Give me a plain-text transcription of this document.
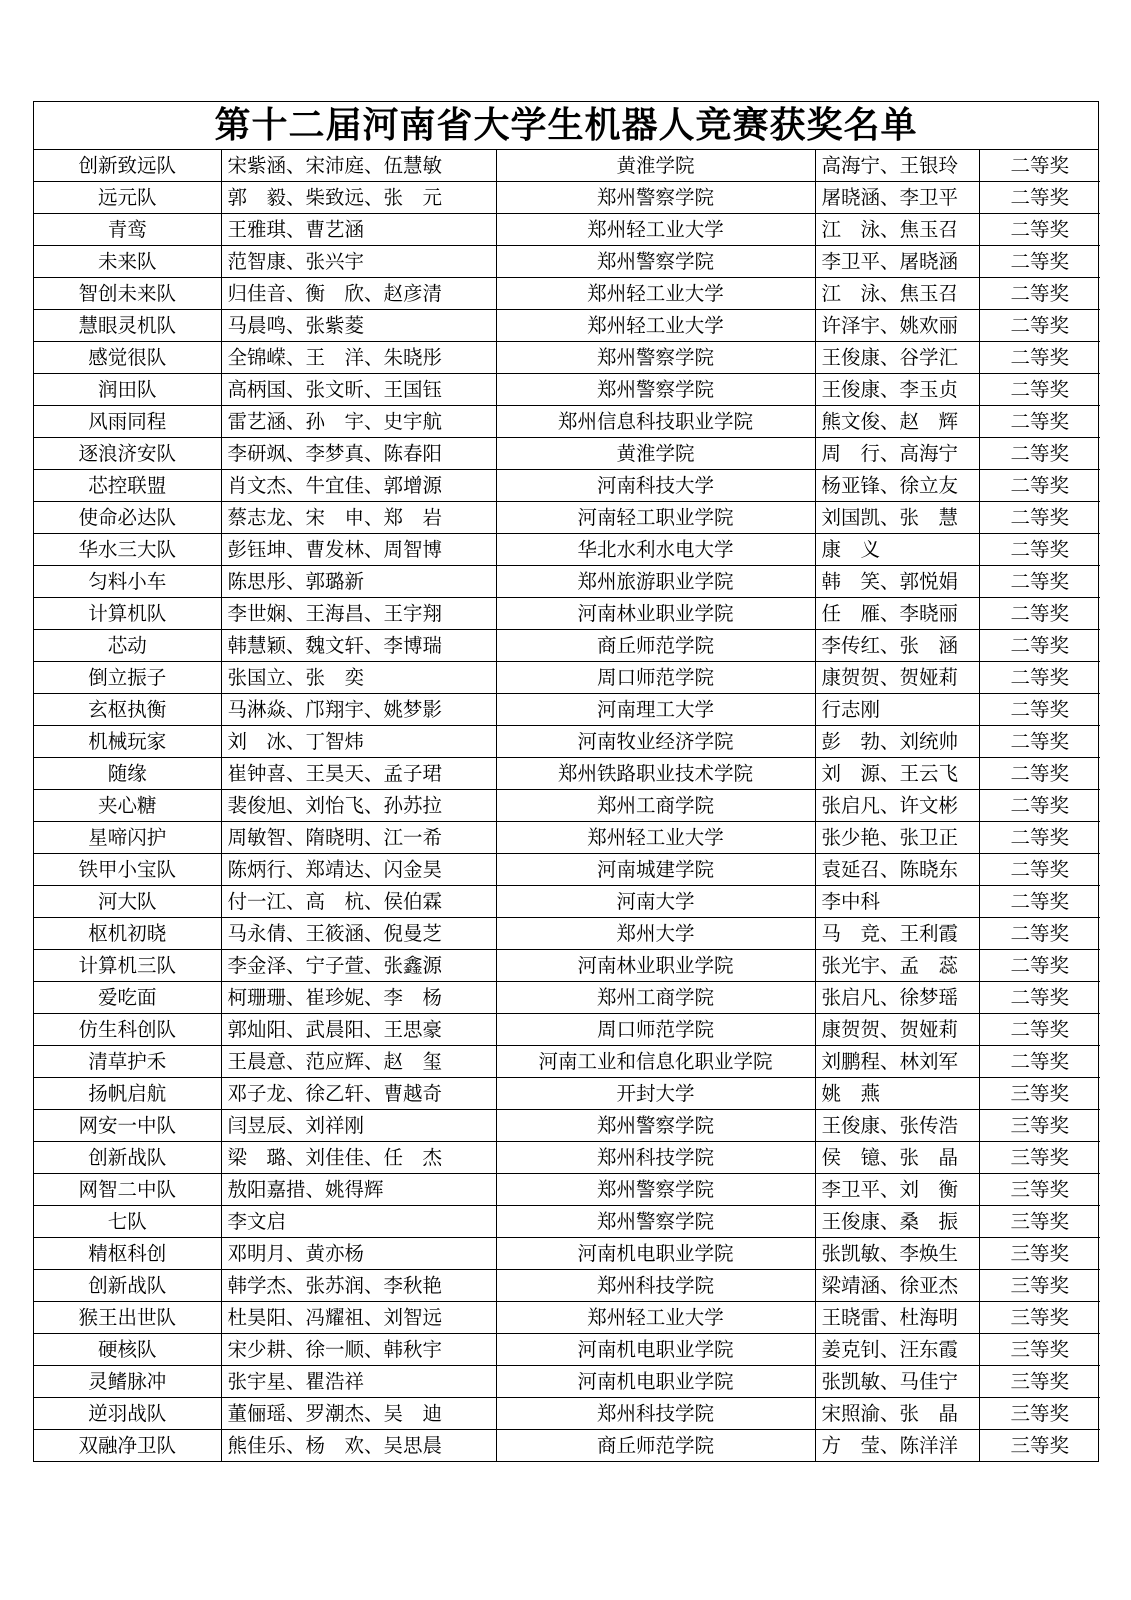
第十二届河南省大学生机器人竞赛获奖名单
创新致远队	宋紫涵、宋沛庭、伍慧敏	黄淮学院	高海宁、王银玲	二等奖
远元队	郭　毅、柴致远、张　元	郑州警察学院	屠晓涵、李卫平	二等奖
青鸾	王雅琪、曹艺涵	郑州轻工业大学	江　泳、焦玉召	二等奖
未来队	范智康、张兴宇	郑州警察学院	李卫平、屠晓涵	二等奖
智创未来队	归佳音、衡　欣、赵彦清	郑州轻工业大学	江　泳、焦玉召	二等奖
慧眼灵机队	马晨鸣、张紫菱	郑州轻工业大学	许泽宇、姚欢丽	二等奖
感觉很队	全锦嵘、王　洋、朱晓彤	郑州警察学院	王俊康、谷学汇	二等奖
润田队	高柄国、张文昕、王国钰	郑州警察学院	王俊康、李玉贞	二等奖
风雨同程	雷艺涵、孙　宇、史宇航	郑州信息科技职业学院	熊文俊、赵　辉	二等奖
逐浪济安队	李研飒、李梦真、陈春阳	黄淮学院	周　行、高海宁	二等奖
芯控联盟	肖文杰、牛宜佳、郭增源	河南科技大学	杨亚锋、徐立友	二等奖
使命必达队	蔡志龙、宋　申、郑　岩	河南轻工职业学院	刘国凯、张　慧	二等奖
华水三大队	彭钰坤、曹发林、周智博	华北水利水电大学	康　义	二等奖
匀料小车	陈思彤、郭璐新	郑州旅游职业学院	韩　笑、郭悦娟	二等奖
计算机队	李世娴、王海昌、王宇翔	河南林业职业学院	任　雁、李晓丽	二等奖
芯动	韩慧颖、魏文轩、李博瑞	商丘师范学院	李传红、张　涵	二等奖
倒立振子	张国立、张　奕	周口师范学院	康贺贺、贺娅莉	二等奖
玄枢执衡	马淋焱、邝翔宇、姚梦影	河南理工大学	行志刚	二等奖
机械玩家	刘　冰、丁智炜	河南牧业经济学院	彭　勃、刘统帅	二等奖
随缘	崔钟喜、王昊天、孟子珺	郑州铁路职业技术学院	刘　源、王云飞	二等奖
夹心糖	裴俊旭、刘怡飞、孙苏拉	郑州工商学院	张启凡、许文彬	二等奖
星啼闪护	周敏智、隋晓明、江一希	郑州轻工业大学	张少艳、张卫正	二等奖
铁甲小宝队	陈炳行、郑靖达、闪金昊	河南城建学院	袁延召、陈晓东	二等奖
河大队	付一江、高　杭、侯伯霖	河南大学	李中科	二等奖
枢机初晓	马永倩、王筱涵、倪曼芝	郑州大学	马　竞、王利霞	二等奖
计算机三队	李金泽、宁子萱、张鑫源	河南林业职业学院	张光宇、孟　蕊	二等奖
爱吃面	柯珊珊、崔珍妮、李　杨	郑州工商学院	张启凡、徐梦瑶	二等奖
仿生科创队	郭灿阳、武晨阳、王思豪	周口师范学院	康贺贺、贺娅莉	二等奖
清草护禾	王晨意、范应辉、赵　玺	河南工业和信息化职业学院	刘鹏程、林刘军	二等奖
扬帆启航	邓子龙、徐乙轩、曹越奇	开封大学	姚　燕	三等奖
网安一中队	闫昱辰、刘祥刚	郑州警察学院	王俊康、张传浩	三等奖
创新战队	梁　璐、刘佳佳、任　杰	郑州科技学院	侯　镱、张　晶	三等奖
网智二中队	敖阳嘉措、姚得辉	郑州警察学院	李卫平、刘　衡	三等奖
七队	李文启	郑州警察学院	王俊康、桑　振	三等奖
精枢科创	邓明月、黄亦杨	河南机电职业学院	张凯敏、李焕生	三等奖
创新战队	韩学杰、张苏润、李秋艳	郑州科技学院	梁靖涵、徐亚杰	三等奖
猴王出世队	杜昊阳、冯耀祖、刘智远	郑州轻工业大学	王晓雷、杜海明	三等奖
硬核队	宋少耕、徐一顺、韩秋宇	河南机电职业学院	姜克钊、汪东霞	三等奖
灵鳍脉冲	张宇星、瞿浩祥	河南机电职业学院	张凯敏、马佳宁	三等奖
逆羽战队	董俪瑶、罗潮杰、吴　迪	郑州科技学院	宋照渝、张　晶	三等奖
双融净卫队	熊佳乐、杨　欢、吴思晨	商丘师范学院	方　莹、陈洋洋	三等奖
